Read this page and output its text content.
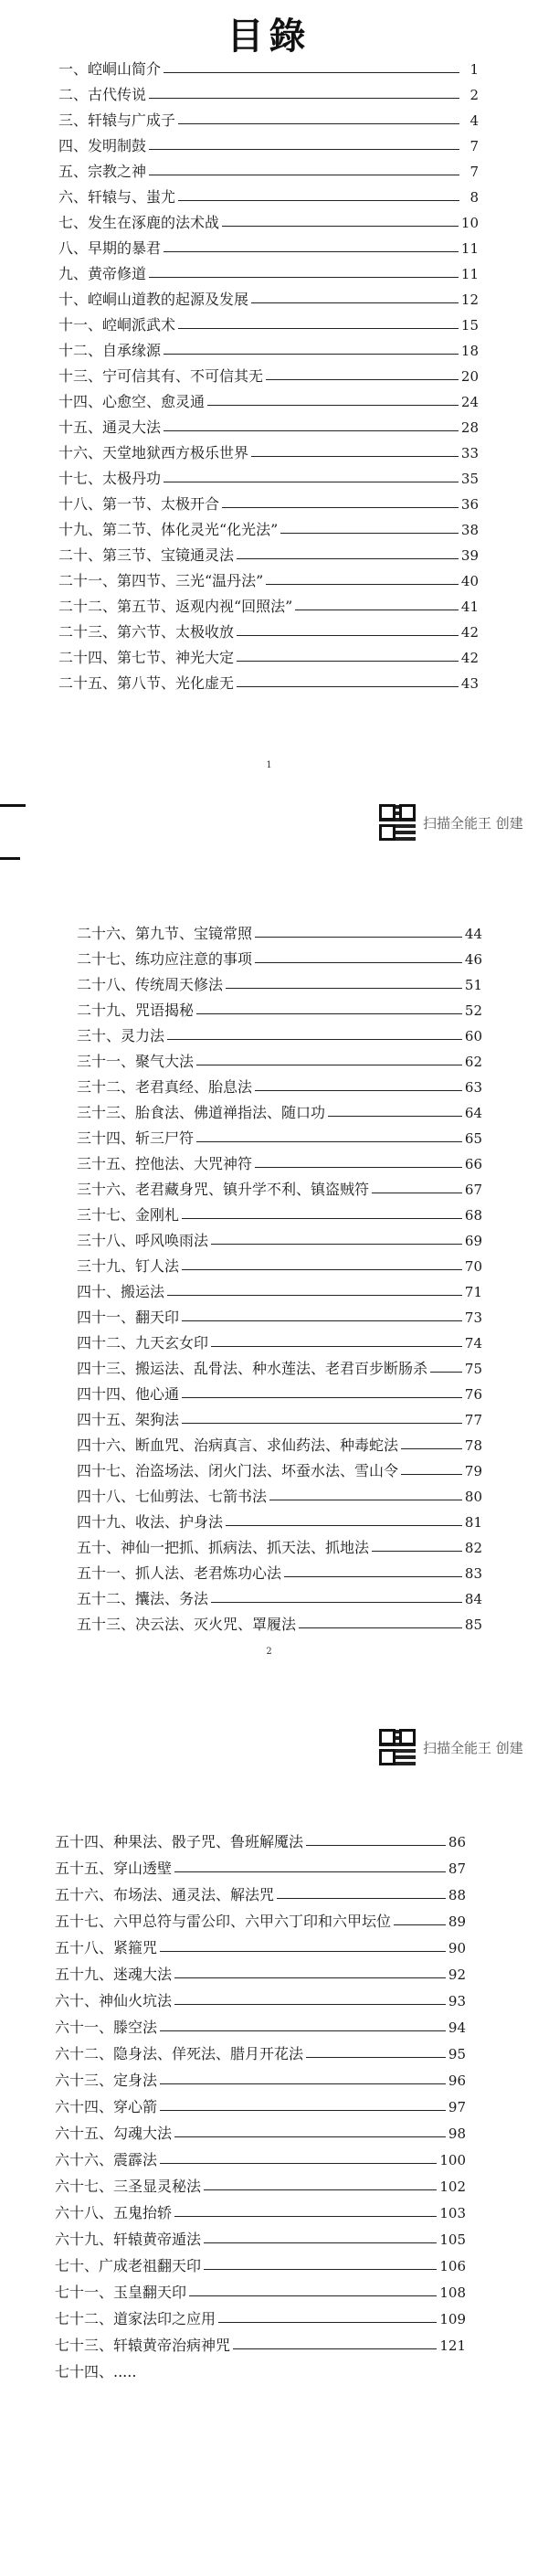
目錄
一、崆峒山简介	1
二、古代传说	2
三、轩辕与广成子	4
四、发明制鼓	7
五、宗教之神	7
六、轩辕与、蚩尤	8
七、发生在涿鹿的法术战	10
八、早期的暴君	11
九、黄帝修道	11
十、崆峒山道教的起源及发展	12
十一、崆峒派武术	15
十二、自承缘源	18
十三、宁可信其有、不可信其无	20
十四、心愈空、愈灵通	24
十五、通灵大法	28
十六、天堂地狱西方极乐世界	33
十七、太极丹功	35
十八、第一节、太极开合	36
十九、第二节、体化灵光“化光法”	38
二十、第三节、宝镜通灵法	39
二十一、第四节、三光“温丹法”	40
二十二、第五节、返观内视“回照法”	41
二十三、第六节、太极收放	42
二十四、第七节、神光大定	42
二十五、第八节、光化虚无	43
1
扫描全能王 创建
二十六、第九节、宝镜常照	44
二十七、练功应注意的事项	46
二十八、传统周天修法	51
二十九、咒语揭秘	52
三十、灵力法	60
三十一、聚气大法	62
三十二、老君真经、胎息法	63
三十三、胎食法、佛道禅指法、随口功	64
三十四、斩三尸符	65
三十五、控他法、大咒神符	66
三十六、老君藏身咒、镇升学不利、镇盗贼符	67
三十七、金刚札	68
三十八、呼风唤雨法	69
三十九、钉人法	70
四十、搬运法	71
四十一、翻天印	73
四十二、九天玄女印	74
四十三、搬运法、乱骨法、种水莲法、老君百步断肠杀	75
四十四、他心通	76
四十五、架狗法	77
四十六、断血咒、治病真言、求仙药法、种毒蛇法	78
四十七、治盗场法、闭火门法、坏蚕水法、雪山令	79
四十八、七仙剪法、七箭书法	80
四十九、收法、护身法	81
五十、神仙一把抓、抓病法、抓天法、抓地法	82
五十一、抓人法、老君炼功心法	83
五十二、攮法、务法	84
五十三、决云法、灭火咒、罩履法	85
2
扫描全能王 创建
五十四、种果法、骰子咒、鲁班解魇法	86
五十五、穿山透壁	87
五十六、布场法、通灵法、解法咒	88
五十七、六甲总符与雷公印、六甲六丁印和六甲坛位	89
五十八、紧箍咒	90
五十九、迷魂大法	92
六十、神仙火坑法	93
六十一、滕空法	94
六十二、隐身法、佯死法、腊月开花法	95
六十三、定身法	96
六十四、穿心箭	97
六十五、勾魂大法	98
六十六、震霹法	100
六十七、三圣显灵秘法	102
六十八、五鬼抬轿	103
六十九、轩辕黄帝遁法	105
七十、广成老祖翻天印	106
七十一、玉皇翻天印	108
七十二、道家法印之应用	109
七十三、轩辕黄帝治病神咒	121
七十四、.....
